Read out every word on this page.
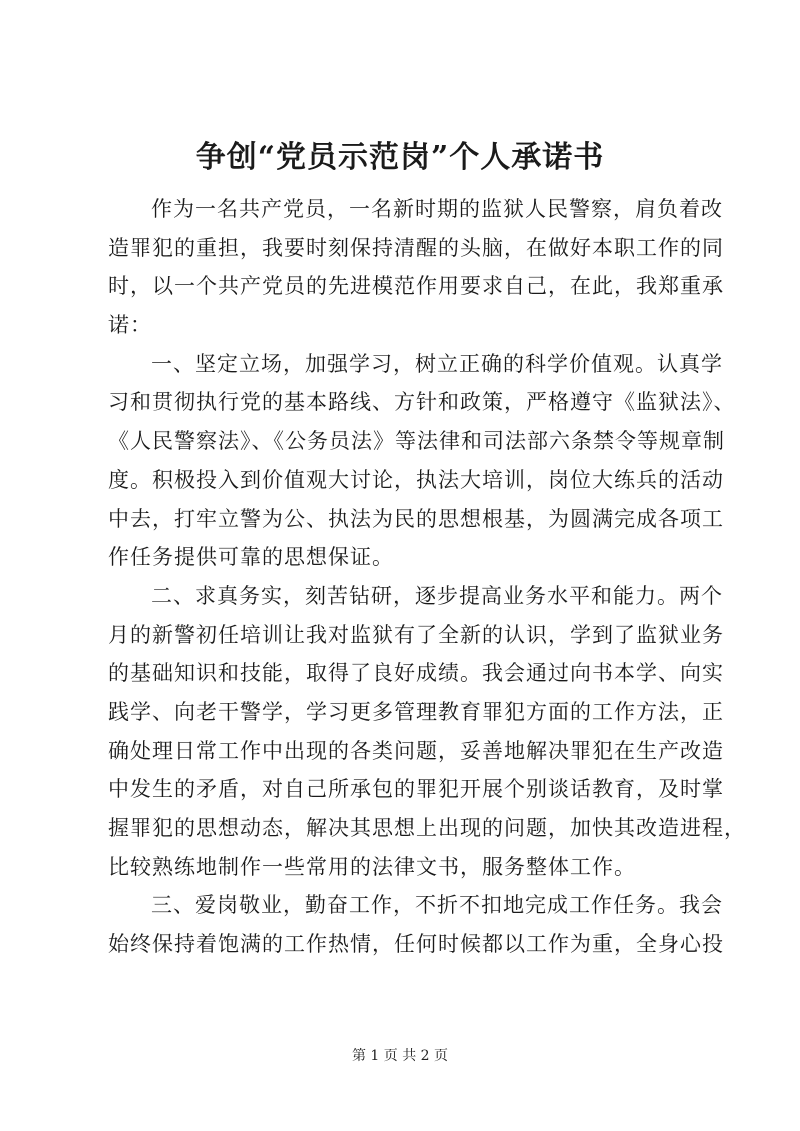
争创“党员示范岗”个人承诺书
作为一名共产党员，一名新时期的监狱人民警察，肩负着改
造罪犯的重担，我要时刻保持清醒的头脑，在做好本职工作的同
时，以一个共产党员的先进模范作用要求自己，在此，我郑重承
诺：
一、坚定立场，加强学习，树立正确的科学价值观。认真学
习和贯彻执行党的基本路线、方针和政策，严格遵守《监狱法》、
《人民警察法》、《公务员法》等法律和司法部六条禁令等规章制
度。积极投入到价值观大讨论，执法大培训，岗位大练兵的活动
中去，打牢立警为公、执法为民的思想根基，为圆满完成各项工
作任务提供可靠的思想保证。
二、求真务实，刻苦钻研，逐步提高业务水平和能力。两个
月的新警初任培训让我对监狱有了全新的认识，学到了监狱业务
的基础知识和技能，取得了良好成绩。我会通过向书本学、向实
践学、向老干警学，学习更多管理教育罪犯方面的工作方法，正
确处理日常工作中出现的各类问题，妥善地解决罪犯在生产改造
中发生的矛盾，对自己所承包的罪犯开展个别谈话教育，及时掌
握罪犯的思想动态，解决其思想上出现的问题，加快其改造进程，
比较熟练地制作一些常用的法律文书，服务整体工作。
三、爱岗敬业，勤奋工作，不折不扣地完成工作任务。我会
始终保持着饱满的工作热情，任何时候都以工作为重，全身心投
第 1 页 共 2 页
